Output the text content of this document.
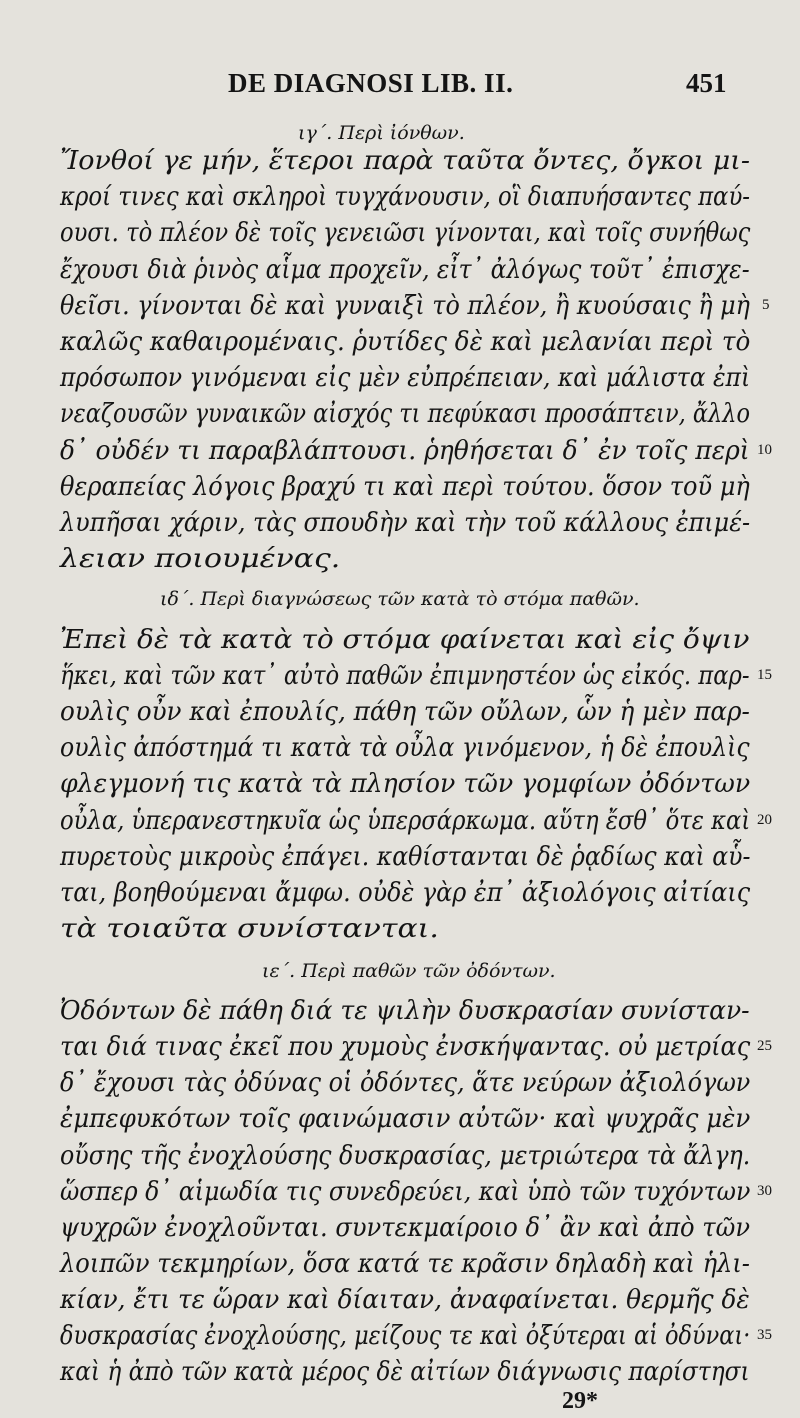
DE DIAGNOSI LIB. II.	451
ιγ΄. Περὶ ἰόνθων.
Ἴονθοί γε μήν, ἕτεροι παρὰ ταῦτα ὄντες, ὄγκοι μι-
κροί τινες καὶ σκληροὶ τυγχάνουσιν, οἳ διαπυήσαντες παύ-
ουσι. τὸ πλέον δὲ τοῖς γενειῶσι γίνονται, καὶ τοῖς συνήθως
ἔχουσι διὰ ῥινὸς αἷμα προχεῖν, εἶτ᾽ ἀλόγως τοῦτ᾽ ἐπισχε-
θεῖσι. γίνονται δὲ καὶ γυναιξὶ τὸ πλέον, ἢ κυούσαις ἢ μὴ
καλῶς καθαιρομέναις. ῥυτίδες δὲ καὶ μελανίαι περὶ τὸ
πρόσωπον γινόμεναι εἰς μὲν εὐπρέπειαν, καὶ μάλιστα ἐπὶ
νεαζουσῶν γυναικῶν αἰσχός τι πεφύκασι προσάπτειν, ἄλλο
δ᾽ οὐδέν τι παραβλάπτουσι. ῥηθήσεται δ᾽ ἐν τοῖς περὶ
θεραπείας λόγοις βραχύ τι καὶ περὶ τούτου. ὅσον τοῦ μὴ
λυπῆσαι χάριν, τὰς σπουδὴν καὶ τὴν τοῦ κάλλους ἐπιμέ-
λειαν ποιουμένας.
ιδ΄. Περὶ διαγνώσεως τῶν κατὰ τὸ στόμα παθῶν.
Ἐπεὶ δὲ τὰ κατὰ τὸ στόμα φαίνεται καὶ εἰς ὄψιν
ἥκει, καὶ τῶν κατ᾽ αὐτὸ παθῶν ἐπιμνηστέον ὡς εἰκός. παρ-
ουλὶς οὖν καὶ ἐπουλίς, πάθη τῶν οὔλων, ὧν ἡ μὲν παρ-
ουλὶς ἀπόστημά τι κατὰ τὰ οὖλα γινόμενον, ἡ δὲ ἐπουλὶς
φλεγμονή τις κατὰ τὰ πλησίον τῶν γομφίων ὀδόντων
οὖλα, ὑπερανεστηκυῖα ὡς ὑπερσάρκωμα. αὕτη ἔσθ᾽ ὅτε καὶ
πυρετοὺς μικροὺς ἐπάγει. καθίστανται δὲ ῥᾳδίως καὶ αὗ-
ται, βοηθούμεναι ἄμφω. οὐδὲ γὰρ ἐπ᾽ ἀξιολόγοις αἰτίαις
τὰ τοιαῦτα συνίστανται.
ιε΄. Περὶ παθῶν τῶν ὀδόντων.
Ὀδόντων δὲ πάθη διά τε ψιλὴν δυσκρασίαν συνίσταν-
ται διά τινας ἐκεῖ που χυμοὺς ἐνσκήψαντας. οὐ μετρίας
δ᾽ ἔχουσι τὰς ὀδύνας οἱ ὀδόντες, ἅτε νεύρων ἀξιολόγων
ἐμπεφυκότων τοῖς φαινώμασιν αὐτῶν· καὶ ψυχρᾶς μὲν
οὔσης τῆς ἐνοχλούσης δυσκρασίας, μετριώτερα τὰ ἄλγη.
ὥσπερ δ᾽ αἱμωδία τις συνεδρεύει, καὶ ὑπὸ τῶν τυχόντων
ψυχρῶν ἐνοχλοῦνται. συντεκμαίροιο δ᾽ ἂν καὶ ἀπὸ τῶν
λοιπῶν τεκμηρίων, ὅσα κατά τε κρᾶσιν δηλαδὴ καὶ ἡλι-
κίαν, ἔτι τε ὥραν καὶ δίαιταν, ἀναφαίνεται. θερμῆς δὲ
δυσκρασίας ἐνοχλούσης, μείζους τε καὶ ὀξύτεραι αἱ ὀδύναι·
καὶ ἡ ἀπὸ τῶν κατὰ μέρος δὲ αἰτίων διάγνωσις παρίστησι
5
10
15
20
25
30
35
29*
